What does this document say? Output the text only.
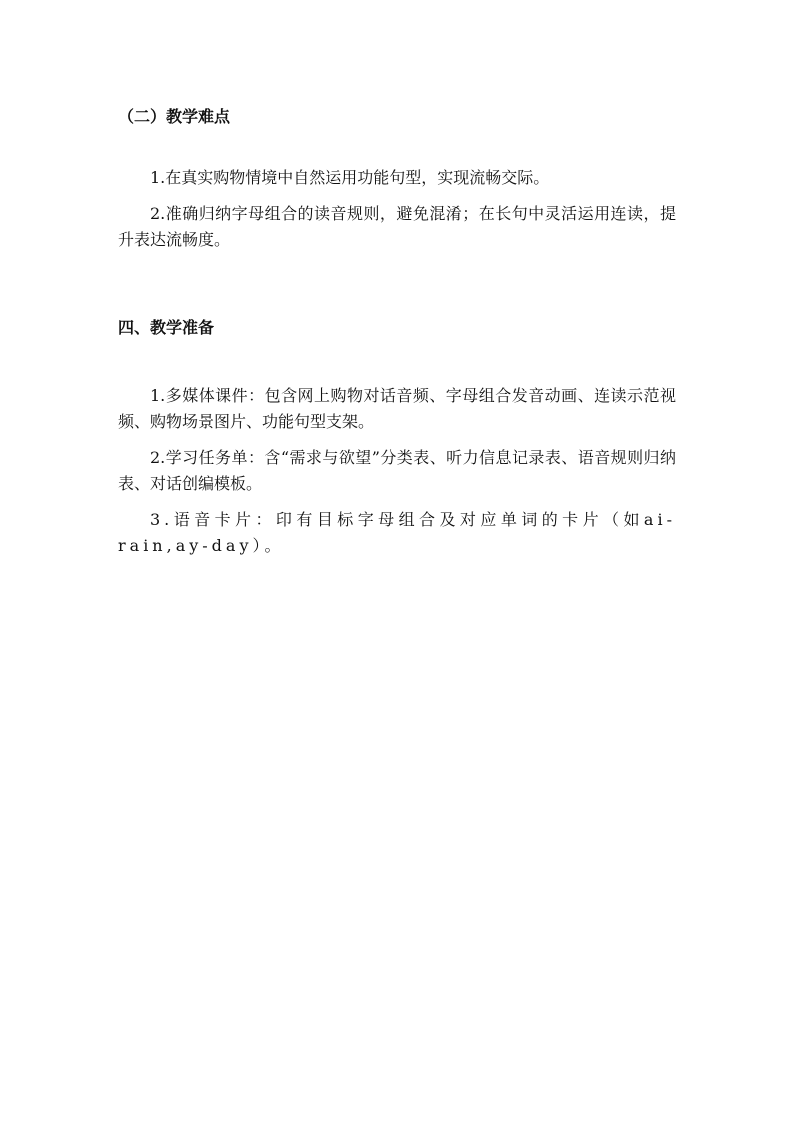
（二）教学难点

1.在真实购物情境中自然运用功能句型，实现流畅交际。

2.准确归纳字母组合的读音规则，避免混淆；在长句中灵活运用连读，提升表达流畅度。

四、教学准备

1.多媒体课件：包含网上购物对话音频、字母组合发音动画、连读示范视频、购物场景图片、功能句型支架。

2.学习任务单：含“需求与欲望”分类表、听力信息记录表、语音规则归纳表、对话创编模板。

3.语音卡片：印有目标字母组合及对应单词的卡片（如ai-rain,ay-day）。
